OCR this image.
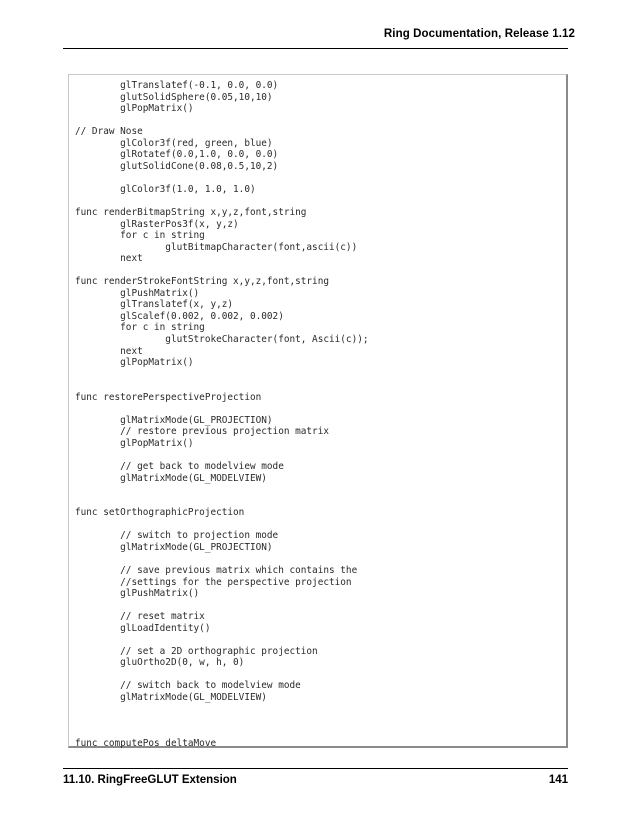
Ring Documentation, Release 1.12
glTranslatef(-0.1, 0.0, 0.0)
glutSolidSphere(0.05,10,10)
glPopMatrix()

// Draw Nose
glColor3f(red, green, blue)
glRotatef(0.0,1.0, 0.0, 0.0)
glutSolidCone(0.08,0.5,10,2)

glColor3f(1.0, 1.0, 1.0)

func renderBitmapString x,y,z,font,string
glRasterPos3f(x, y,z)
for c in string
glutBitmapCharacter(font,ascii(c))
next

func renderStrokeFontString x,y,z,font,string
glPushMatrix()
glTranslatef(x, y,z)
glScalef(0.002, 0.002, 0.002)
for c in string
glutStrokeCharacter(font, Ascii(c));
next
glPopMatrix()

func restorePerspectiveProjection

glMatrixMode(GL_PROJECTION)
// restore previous projection matrix
glPopMatrix()

// get back to modelview mode
glMatrixMode(GL_MODELVIEW)

func setOrthographicProjection

// switch to projection mode
glMatrixMode(GL_PROJECTION)

// save previous matrix which contains the
//settings for the perspective projection
glPushMatrix()

// reset matrix
glLoadIdentity()

// set a 2D orthographic projection
gluOrtho2D(0, w, h, 0)

// switch back to modelview mode
glMatrixMode(GL_MODELVIEW)

func computePos deltaMove
11.10. RingFreeGLUT Extension	141
